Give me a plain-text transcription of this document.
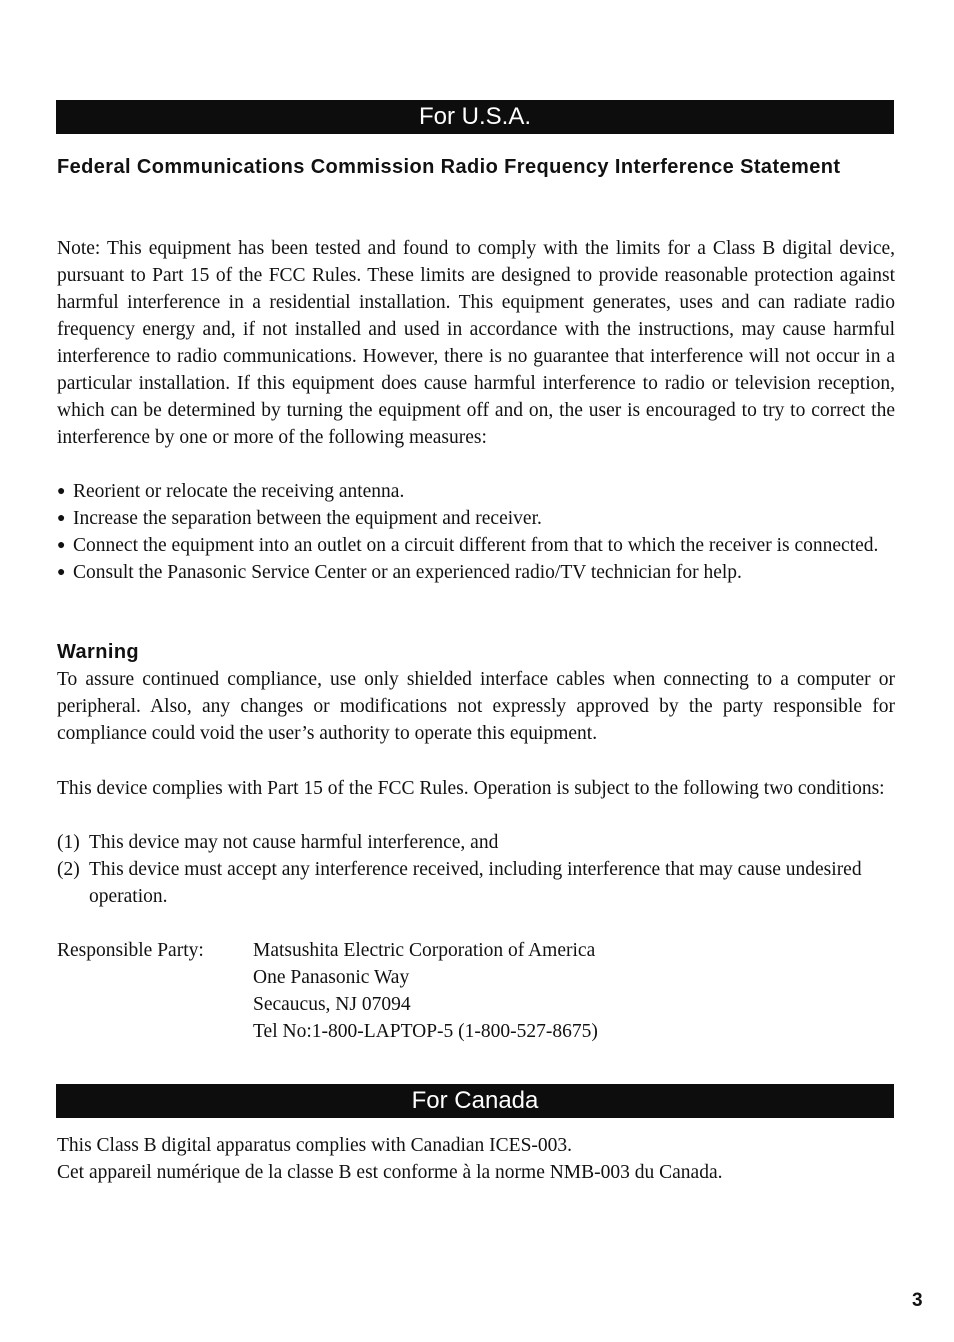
For U.S.A.
Federal Communications Commission Radio Frequency Interference Statement

Note: This equipment has been tested and found to comply with the limits for a Class B digital device, pursuant to Part 15 of the FCC Rules. These limits are designed to provide reasonable protection against harmful interference in a residential installation. This equipment generates, uses and can radiate radio frequency energy and, if not installed and used in accordance with the instructions, may cause harmful interference to radio communications. However, there is no guarantee that interference will not occur in a particular installation. If this equipment does cause harmful interference to radio or television reception, which can be determined by turning the equipment off and on, the user is encouraged to try to correct the interference by one or more of the following measures:

● Reorient or relocate the receiving antenna.
● Increase the separation between the equipment and receiver.
● Connect the equipment into an outlet on a circuit different from that to which the receiver is connected.
● Consult the Panasonic Service Center or an experienced radio/TV technician for help.
Warning

To assure continued compliance, use only shielded interface cables when connecting to a computer or peripheral. Also, any changes or modifications not expressly approved by the party responsible for compliance could void the user’s authority to operate this equipment.

This device complies with Part 15 of the FCC Rules. Operation is subject to the following two conditions:

(1) This device may not cause harmful interference, and
(2) This device must accept any interference received, including interference that may cause undesired operation.
Responsible Party:	Matsushita Electric Corporation of America
One Panasonic Way
Secaucus, NJ 07094
Tel No:1-800-LAPTOP-5 (1-800-527-8675)
For Canada
This Class B digital apparatus complies with Canadian ICES-003.
Cet appareil numérique de la classe B est conforme à la norme NMB-003 du Canada.
3
